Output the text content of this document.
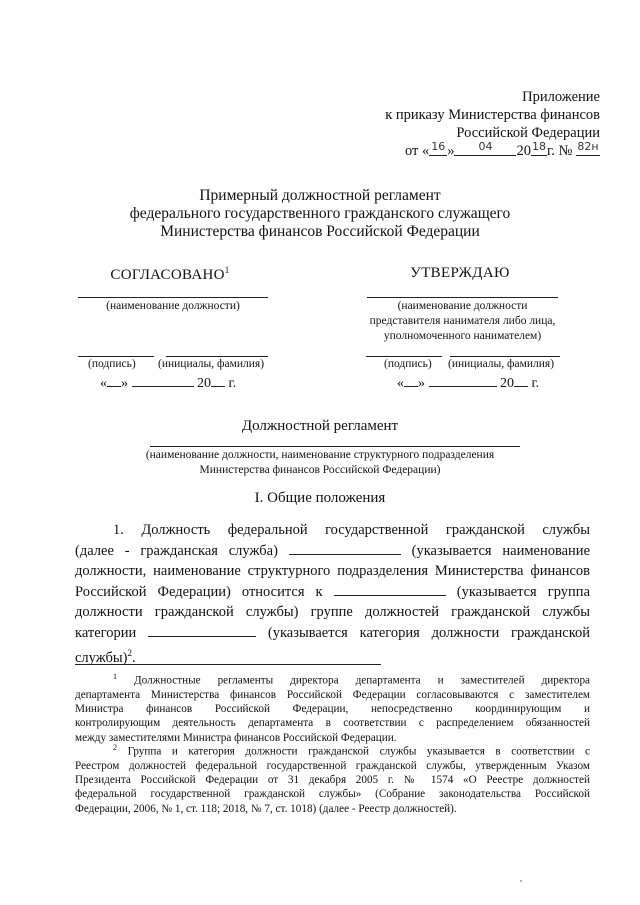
Приложение
к приказу Министерства финансов
Российской Федерации
от « $^{16}$ » $^{04}$ $20^{18}г$. № $^{82н}$
Примерный должностной регламент
федерального государственного гражданского служащего
Министерства финансов Российской Федерации
СОГЛАСОВАНО$^1$
(наименование должности)
(подпись) (инициалы, фамилия)
« »	20 г.
УТВЕРЖДАЮ
(наименование должности
представителя нанимателя либо лица,
уполномоченного нанимателем)
(подпись) (инициалы, фамилия)
« »	20 г.
Должностной регламент
(наименование должности, наименование структурного подразделения
Министерства финансов Российской Федерации)
I. Общие положения
1. Должность федеральной государственной гражданской службы
(далее - гражданская служба)	(указывается наименование
должности, наименование структурного подразделения Министерства финансов
Российской Федерации) относится к	(указывается группа
должности гражданской службы) группе должностей гражданской службы
категории	(указывается категория должности гражданской
службы)$^2$.
$^1$ Должностные регламенты директора департамента и заместителей директора
департамента Министерства финансов Российской Федерации согласовываются с заместителем
Министра финансов Российской Федерации, непосредственно координирующим и
контролирующим деятельность департамента в соответствии с распределением обязанностей
между заместителями Министра финансов Российской Федерации.
$^2$ Группа и категория должности гражданской службы указывается в соответствии с
Реестром должностей федеральной государственной гражданской службы, утвержденным Указом
Президента Российской Федерации от 31 декабря 2005 г. № 1574 «О Реестре должностей
федеральной государственной гражданской службы» (Собрание законодательства Российской
Федерации, 2006, № 1, ст. 118; 2018, № 7, ст. 1018) (далее - Реестр должностей).
